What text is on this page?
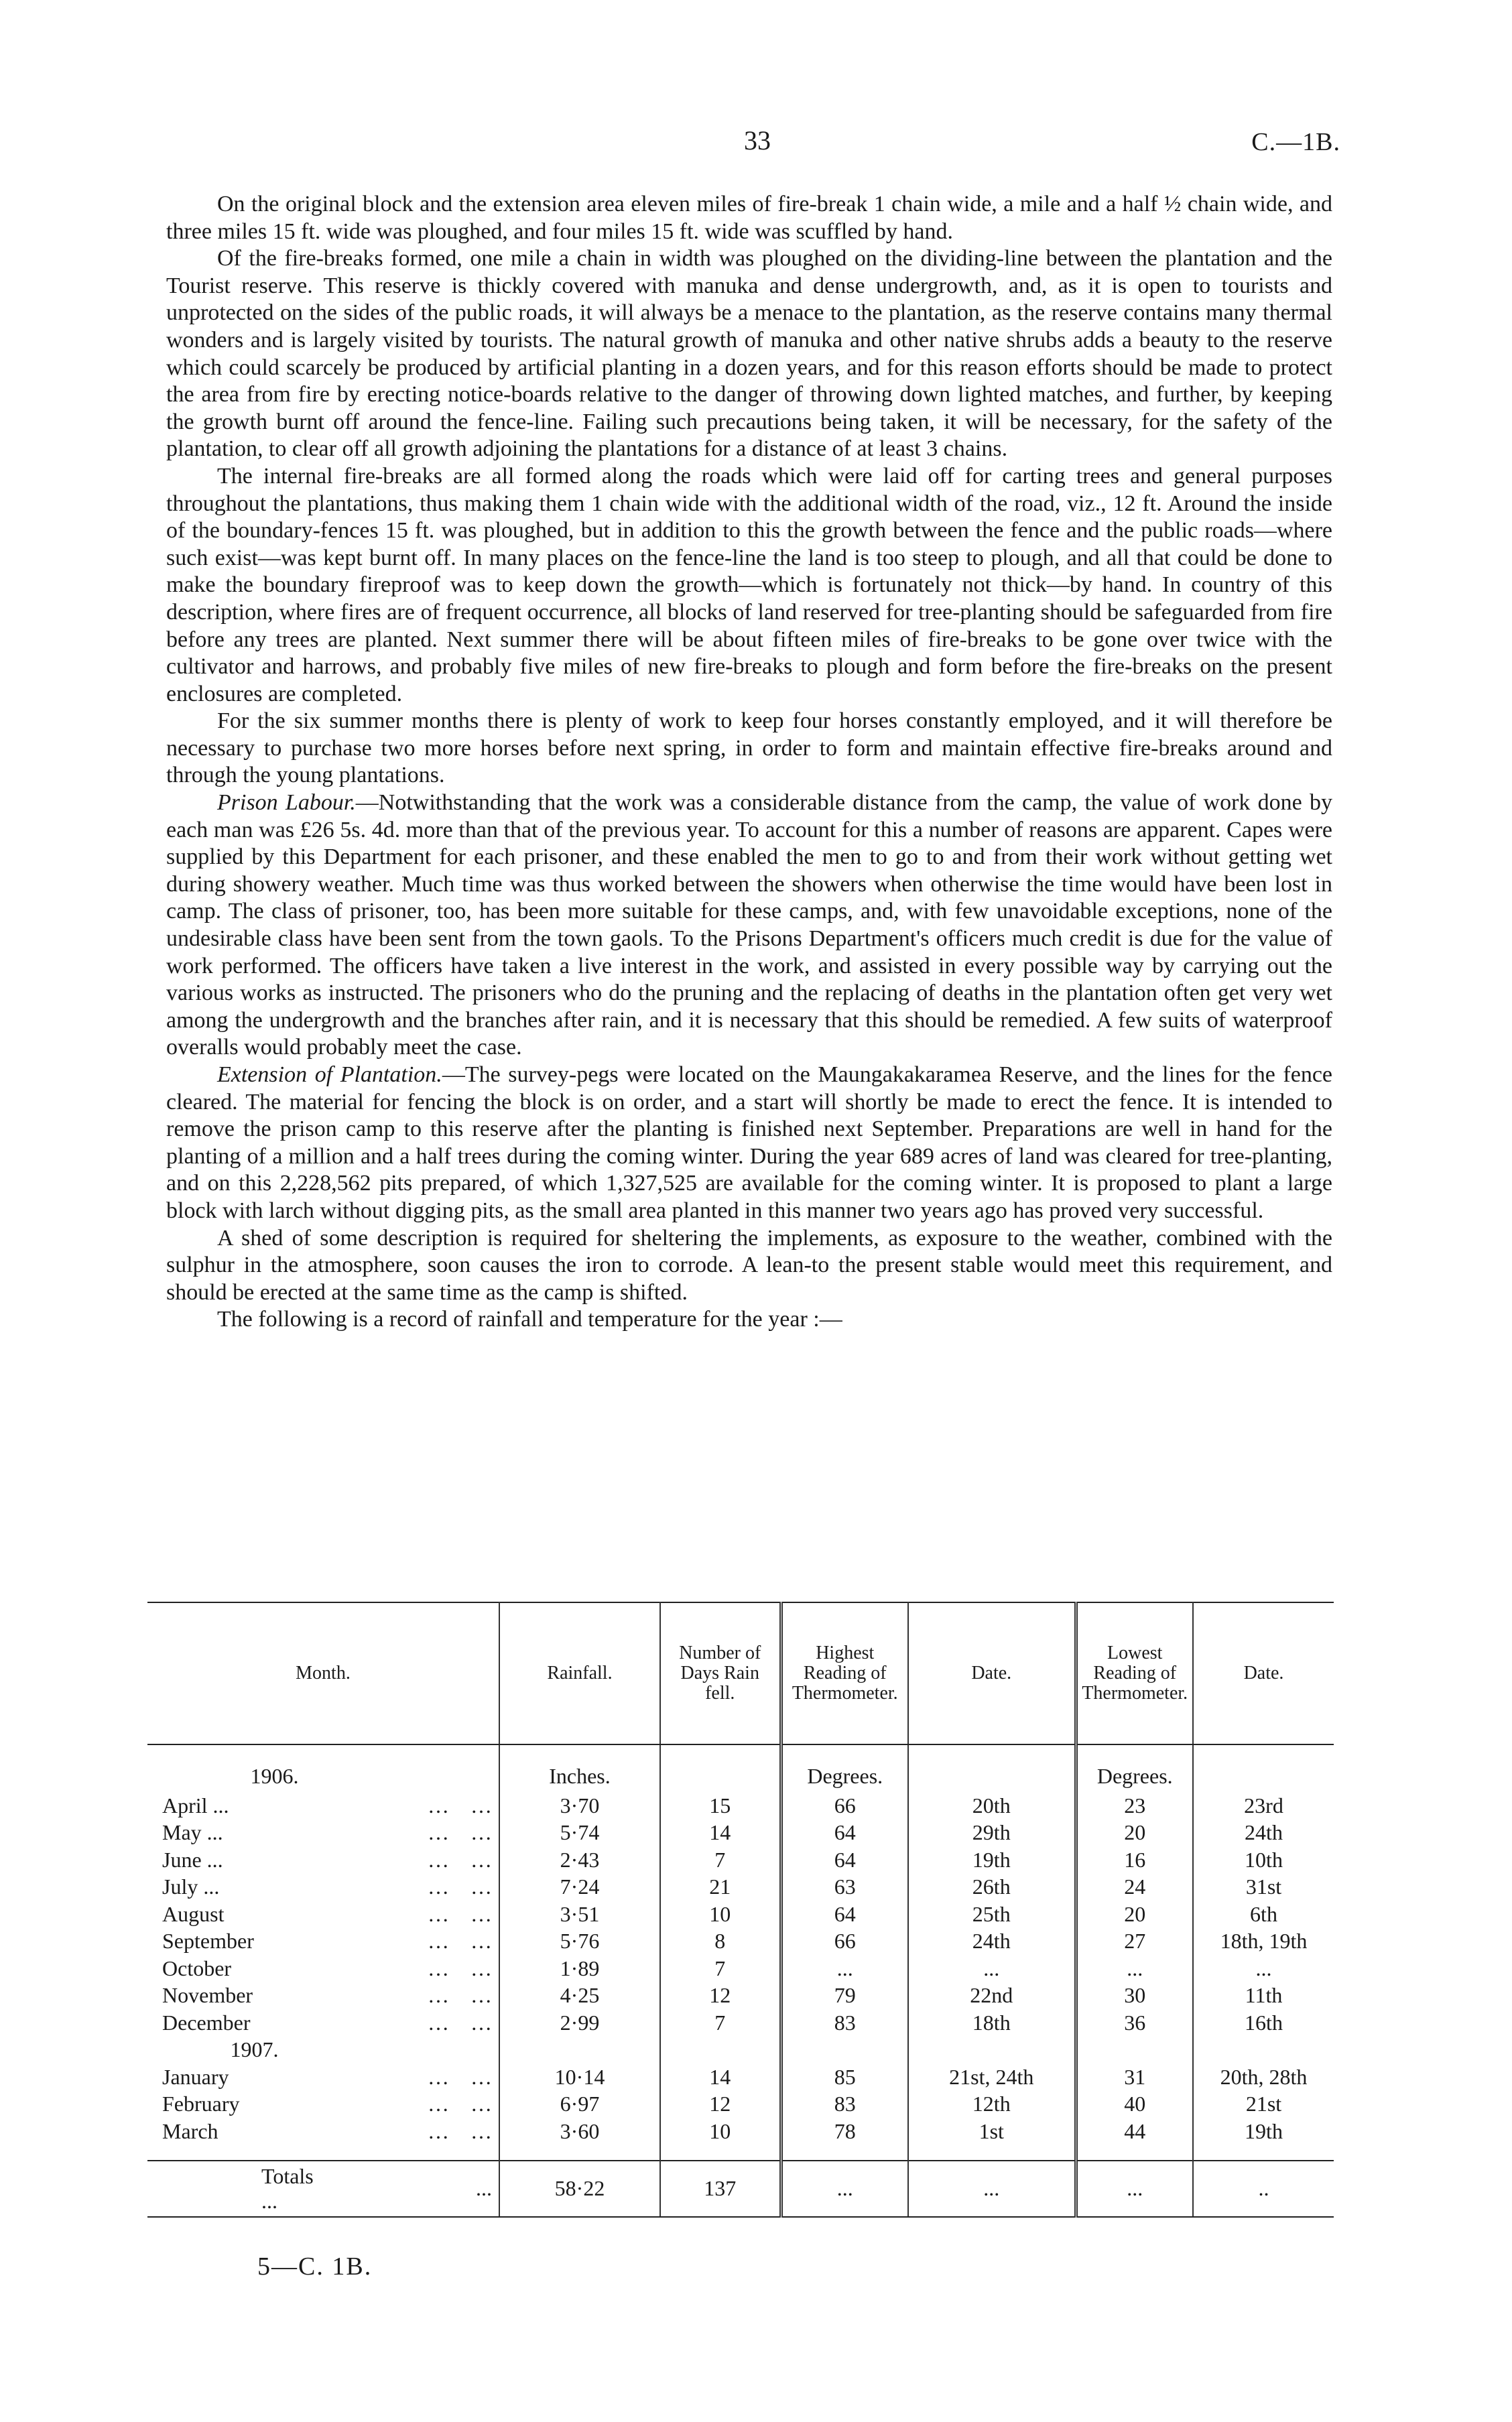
33	C.—1B.

On the original block and the extension area eleven miles of fire-break 1 chain wide, a mile and a half ½ chain wide, and three miles 15 ft. wide was ploughed, and four miles 15 ft. wide was scuffled by hand.

Of the fire-breaks formed, one mile a chain in width was ploughed on the dividing-line between the plantation and the Tourist reserve. This reserve is thickly covered with manuka and dense undergrowth, and, as it is open to tourists and unprotected on the sides of the public roads, it will always be a menace to the plantation, as the reserve contains many thermal wonders and is largely visited by tourists. The natural growth of manuka and other native shrubs adds a beauty to the reserve which could scarcely be produced by artificial planting in a dozen years, and for this reason efforts should be made to protect the area from fire by erecting notice-boards relative to the danger of throwing down lighted matches, and further, by keeping the growth burnt off around the fence-line. Failing such precautions being taken, it will be necessary, for the safety of the plantation, to clear off all growth adjoining the plantations for a distance of at least 3 chains.

The internal fire-breaks are all formed along the roads which were laid off for carting trees and general purposes throughout the plantations, thus making them 1 chain wide with the additional width of the road, viz., 12 ft. Around the inside of the boundary-fences 15 ft. was ploughed, but in addition to this the growth between the fence and the public roads—where such exist—was kept burnt off. In many places on the fence-line the land is too steep to plough, and all that could be done to make the boundary fireproof was to keep down the growth—which is fortunately not thick—by hand. In country of this description, where fires are of frequent occurrence, all blocks of land reserved for tree-planting should be safeguarded from fire before any trees are planted. Next summer there will be about fifteen miles of fire-breaks to be gone over twice with the cultivator and harrows, and probably five miles of new fire-breaks to plough and form before the fire-breaks on the present enclosures are completed.

For the six summer months there is plenty of work to keep four horses constantly employed, and it will therefore be necessary to purchase two more horses before next spring, in order to form and maintain effective fire-breaks around and through the young plantations.

Prison Labour.—Notwithstanding that the work was a considerable distance from the camp, the value of work done by each man was £26 5s. 4d. more than that of the previous year. To account for this a number of reasons are apparent. Capes were supplied by this Department for each prisoner, and these enabled the men to go to and from their work without getting wet during showery weather. Much time was thus worked between the showers when otherwise the time would have been lost in camp. The class of prisoner, too, has been more suitable for these camps, and, with few unavoidable exceptions, none of the undesirable class have been sent from the town gaols. To the Prisons Department's officers much credit is due for the value of work performed. The officers have taken a live interest in the work, and assisted in every possible way by carrying out the various works as instructed. The prisoners who do the pruning and the replacing of deaths in the plantation often get very wet among the undergrowth and the branches after rain, and it is necessary that this should be remedied. A few suits of waterproof overalls would probably meet the case.

Extension of Plantation.—The survey-pegs were located on the Maungakakaramea Reserve, and the lines for the fence cleared. The material for fencing the block is on order, and a start will shortly be made to erect the fence. It is intended to remove the prison camp to this reserve after the planting is finished next September. Preparations are well in hand for the planting of a million and a half trees during the coming winter. During the year 689 acres of land was cleared for tree-planting, and on this 2,228,562 pits prepared, of which 1,327,525 are available for the coming winter. It is proposed to plant a large block with larch without digging pits, as the small area planted in this manner two years ago has proved very successful.

A shed of some description is required for sheltering the implements, as exposure to the weather, combined with the sulphur in the atmosphere, soon causes the iron to corrode. A lean-to the present stable would meet this requirement, and should be erected at the same time as the camp is shifted.

The following is a record of rainfall and temperature for the year :—

Month.		Rainfall.	Number of Days Rain fell.	Highest Reading of Thermometer.	Date.	Lowest Reading of Thermometer.	Date.

1906.		Inches.		Degrees.		Degrees.	
April ...	…    …	3·70	15	66	20th	23	23rd
May ...	…    …	5·74	14	64	29th	20	24th
June ...	…    …	2·43	7	64	19th	16	10th
July ...	…    …	7·24	21	63	26th	24	31st
August	…    …	3·51	10	64	25th	20	6th
September	…    …	5·76	8	66	24th	27	18th, 19th
October	…    …	1·89	7	...	...	...	...
November	…    …	4·25	12	79	22nd	30	11th
December	…    …	2·99	7	83	18th	36	16th
1907.							
January	…    …	10·14	14	85	21st, 24th	31	20th, 28th
February	…    …	6·97	12	83	12th	40	21st
March	…    …	3·60	10	78	1st	44	19th

Totals ...	...	58·22	137	...	...	...	..
5—C. 1B.
